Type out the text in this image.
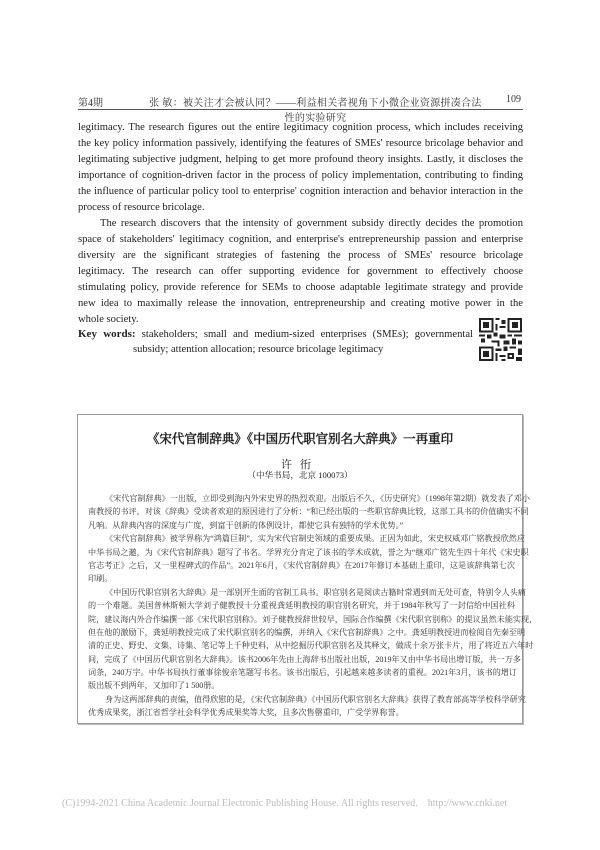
第4期	张 敏：被关注才会被认同？——利益相关者视角下小微企业资源拼凑合法性的实验研究
109
legitimacy. The research figures out the entire legitimacy cognition process, which includes receiving
the key policy information passively, identifying the features of SMEs' resource bricolage behavior and
legitimating subjective judgment, helping to get more profound theory insights. Lastly, it discloses the
importance of cognition-driven factor in the process of policy implementation, contributing to finding
the influence of particular policy tool to enterprise' cognition interaction and behavior interaction in the
process of resource bricolage.
The research discovers that the intensity of government subsidy directly decides the promotion
space of stakeholders' legitimacy cognition, and enterprise's entrepreneurship passion and enterprise
diversity are the significant strategies of fastening the process of SMEs' resource bricolage
legitimacy. The research can offer supporting evidence for government to effectively choose
stimulating policy, provide reference for SEMs to choose adaptable legitimate strategy and provide
new idea to maximally release the innovation, entrepreneurship and creating motive power in the
whole society.
Key words: stakeholders; small and medium-sized enterprises (SMEs); governmental
subsidy; attention allocation; resource bricolage legitimacy
《宋代官制辞典》《中国历代职官别名大辞典》一再重印
许衎
（中华书局，北京 100073）
《宋代官制辞典》一出版，立即受到海内外宋史界的热烈欢迎。出版后不久，《历史研究》（1998年第2期）就发表了邓小
南教授的书评，对该《辞典》受读者欢迎的原因进行了分析：“和已经出版的一些职官辞典比较，这部工具书的价值确实不同
凡响。从辞典内容的深度与广度，到富于创新的体例设计，都使它具有独特的学术优势。”
《宋代官制辞典》被学界称为“鸿篇巨制”，实为宋代官制史领域的重要成果。正因为如此，宋史权威邓广铭教授欣然应
中华书局之邀，为《宋代官制辞典》题写了书名。学界充分肯定了该书的学术成就，誉之为“继邓广铭先生四十年代《宋史职
官志考正》之后，又一里程碑式的作品”。2021年6月，《宋代官制辞典》在2017年修订本基础上重印，这是该辞典第七次
印刷。
《中国历代职官别名大辞典》是一部别开生面的官制工具书。职官别名是阅读古籍时常遇到而无处可查，特别令人头痛
的一个难题。美国普林斯顿大学刘子健教授十分重视龚延明教授的职官别名研究，并于1984年秋写了一封信给中国社科
院，建议海内外合作编撰一部《宋代职官别称》。刘子健教授辞世较早，国际合作编撰《宋代职官别称》的提议虽然未能实现，
但在他的激励下，龚延明教授完成了宋代职官别名的编撰，并纳入《宋代官制辞典》之中。龚延明教授进而检阅自先秦至明
清的正史、野史、文集、诗集、笔记等上千种史料，从中挖掘历代职官别名及其释文，做成十余万张卡片，用了将近五六年时
间，完成了《中国历代职官别名大辞典》。该书2006年先由上海辞书出版社出版，2019年又由中华书局出增订版，共一万多
词条，240万字。中华书局执行董事徐俊亲笔题写书名。该书出版后，引起越来越多读者的重视。2021年3月，该书的增订
版出版不到两年，又加印了1 500册。
身为这两部辞典的责编，值得欣慰的是，《宋代官制辞典》《中国历代职官别名大辞典》获得了教育部高等学校科学研究
优秀成果奖，浙江省哲学社会科学优秀成果奖等大奖，且多次售罄重印，广受学界称誉。
(C)1994-2021 China Academic Journal Electronic Publishing House. All rights reserved. http://www.cnki.net
